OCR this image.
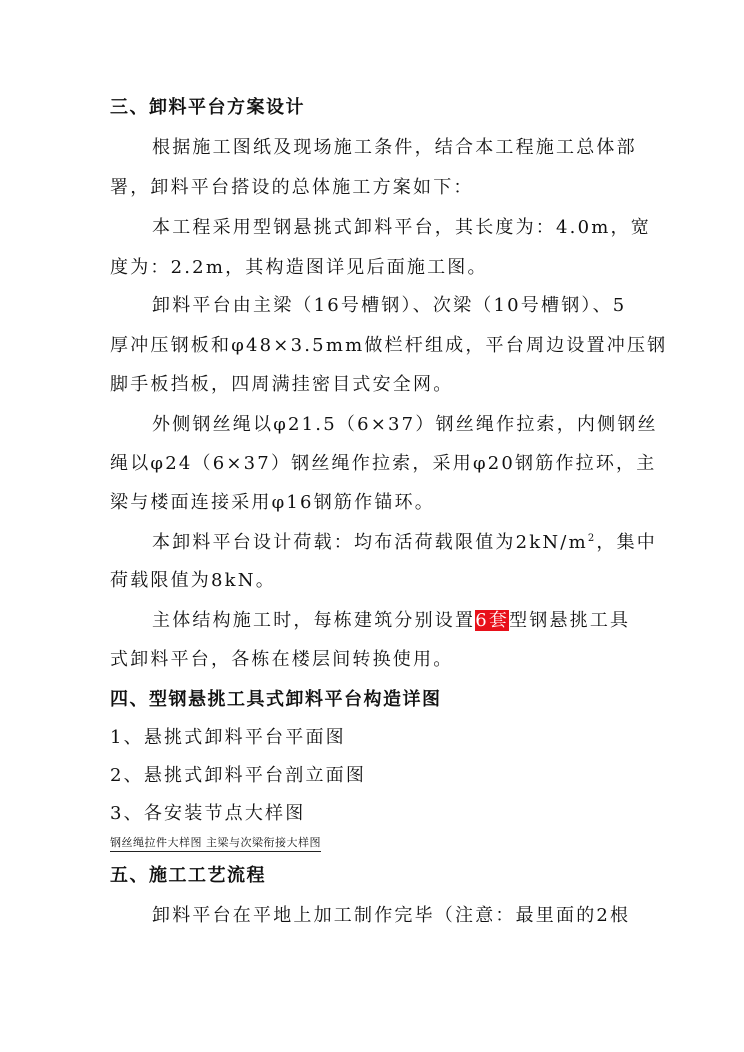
三、卸料平台方案设计
根据施工图纸及现场施工条件，结合本工程施工总体部
署，卸料平台搭设的总体施工方案如下：
本工程采用型钢悬挑式卸料平台，其长度为：4.0m，宽
度为：2.2m，其构造图详见后面施工图。
卸料平台由主梁（16号槽钢）、次梁（10号槽钢）、5
厚冲压钢板和φ48×3.5mm做栏杆组成，平台周边设置冲压钢
脚手板挡板，四周满挂密目式安全网。
外侧钢丝绳以φ21.5（6×37）钢丝绳作拉索，内侧钢丝
绳以φ24（6×37）钢丝绳作拉索，采用φ20钢筋作拉环，主
梁与楼面连接采用φ16钢筋作锚环。
本卸料平台设计荷载：均布活荷载限值为$2kN/m^2$，集中
荷载限值为8kN。
主体结构施工时，每栋建筑分别设置6套型钢悬挑工具
式卸料平台，各栋在楼层间转换使用。
四、型钢悬挑工具式卸料平台构造详图
1、悬挑式卸料平台平面图
2、悬挑式卸料平台剖立面图
3、各安装节点大样图
钢丝绳拉件大样图 主梁与次梁衔接大样图
五、施工工艺流程
卸料平台在平地上加工制作完毕（注意：最里面的2根
